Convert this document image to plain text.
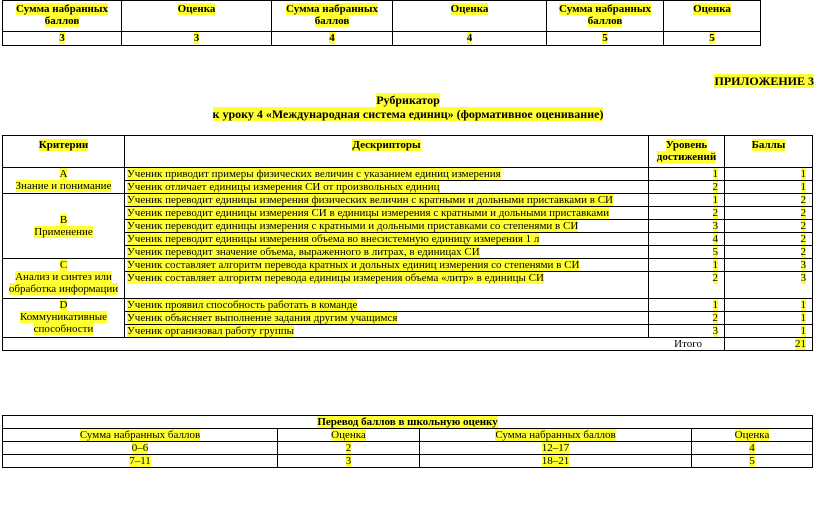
Сумма набранных баллов	Оценка	Сумма набранных баллов	Оценка	Сумма набранных баллов	Оценка
3	3	4	4	5	5
ПРИЛОЖЕНИЕ 3
Рубрикатор
к уроку 4 «Международная система единиц» (формативное оценивание)
Критерии	Дескрипторы	Уровень достижений	Баллы
А
Знание и понимание	Ученик приводит примеры физических величин с указанием единиц измерения	1	1
	Ученик отличает единицы измерения СИ от произвольных единиц	2	1
В
Применение	Ученик переводит единицы измерения физических величин с кратными и дольными приставками в СИ	1	2
	Ученик переводит единицы измерения СИ в единицы измерения с кратными и дольными приставками	2	2
	Ученик переводит единицы измерения с кратными и дольными приставками со степенями в СИ	3	2
	Ученик переводит единицы измерения объема во внесистемную единицу измерения 1 л	4	2
	Ученик переводит значение объема, выраженного в литрах, в единицах СИ	5	2
С
Анализ и синтез или обработка информации	Ученик составляет алгоритм перевода кратных и дольных единиц измерения со степенями в СИ	1	3
	Ученик составляет алгоритм перевода единицы измерения объема «литр» в единицы СИ	2	3
D
Коммуникативные способности	Ученик проявил способность работать в команде	1	1
	Ученик объясняет выполнение задания другим учащимся	2	1
	Ученик организовал работу группы	3	1
Итого			21
Перевод баллов в школьную оценку			
Сумма набранных баллов	Оценка	Сумма набранных баллов	Оценка
0–6	2	12–17	4
7–11	3	18–21	5
